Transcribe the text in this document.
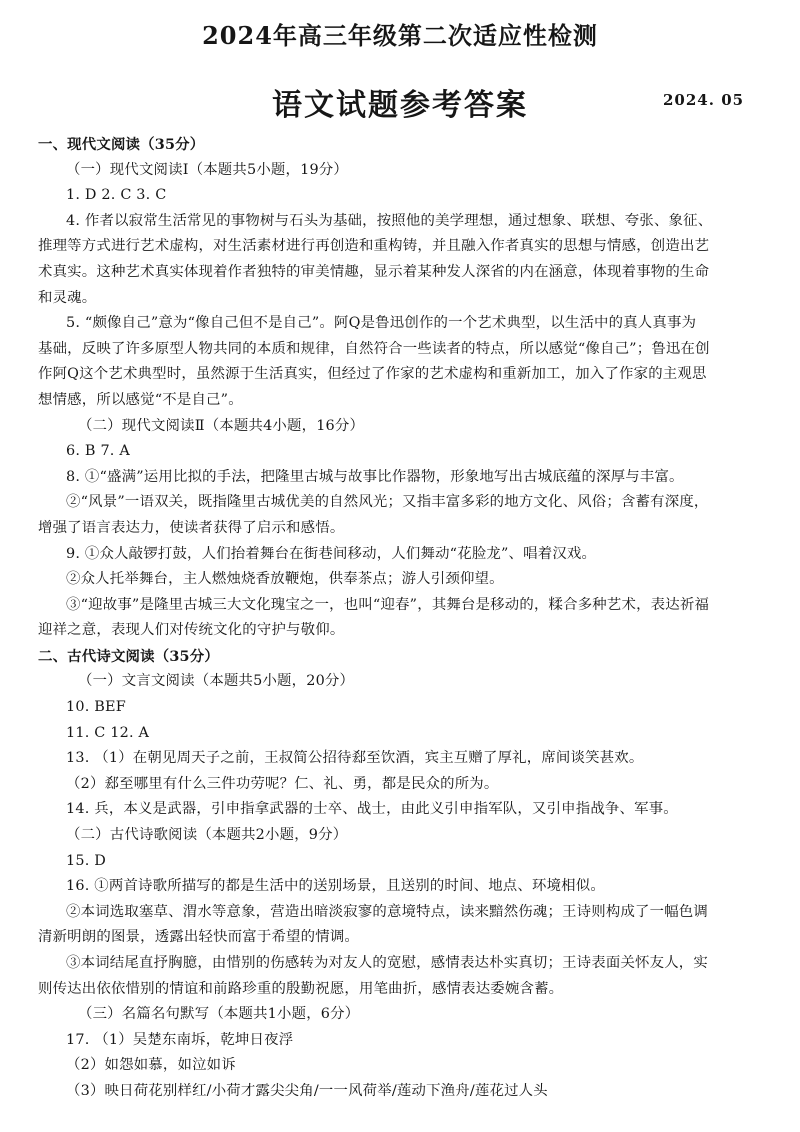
2024年高三年级第二次适应性检测
语文试题参考答案	2024. 05
一、现代文阅读（35分）
（一）现代文阅读Ⅰ（本题共5小题，19分）
1. D 2. C 3. C
4. 作者以寂常生活常见的事物树与石头为基础，按照他的美学理想，通过想象、联想、夸张、象征、
推理等方式进行艺术虚构，对生活素材进行再创造和重构铸，并且融入作者真实的思想与情感，创造出艺
术真实。这种艺术真实体现着作者独特的审美情趣，显示着某种发人深省的内在涵意，体现着事物的生命
和灵魂。
5. “颇像自己”意为“像自己但不是自己”。阿Q是鲁迅创作的一个艺术典型，以生活中的真人真事为
基础，反映了许多原型人物共同的本质和规律，自然符合一些读者的特点，所以感觉“像自己”；鲁迅在创
作阿Q这个艺术典型时，虽然源于生活真实，但经过了作家的艺术虚构和重新加工，加入了作家的主观思
想情感，所以感觉“不是自己”。
（二）现代文阅读Ⅱ（本题共4小题，16分）
6. B 7. A
8. ①“盛满”运用比拟的手法，把隆里古城与故事比作器物，形象地写出古城底蕴的深厚与丰富。
②“风景”一语双关，既指隆里古城优美的自然风光；又指丰富多彩的地方文化、风俗；含蓄有深度，
增强了语言表达力，使读者获得了启示和感悟。
9. ①众人敲锣打鼓，人们抬着舞台在街巷间移动，人们舞动“花脸龙”、唱着汉戏。
②众人托举舞台，主人燃烛烧香放鞭炮，供奉茶点；游人引颈仰望。
③“迎故事”是隆里古城三大文化瑰宝之一，也叫“迎春”，其舞台是移动的，糅合多种艺术，表达祈福
迎祥之意，表现人们对传统文化的守护与敬仰。
二、古代诗文阅读（35分）
（一）文言文阅读（本题共5小题，20分）
10. BEF
11. C 12. A
13. （1）在朝见周天子之前，王叔简公招待郄至饮酒，宾主互赠了厚礼，席间谈笑甚欢。
（2）郄至哪里有什么三件功劳呢？仁、礼、勇，都是民众的所为。
14. 兵，本义是武器，引申指拿武器的士卒、战士，由此义引申指军队，又引申指战争、军事。
（二）古代诗歌阅读（本题共2小题，9分）
15. D
16. ①两首诗歌所描写的都是生活中的送别场景，且送别的时间、地点、环境相似。
②本词选取塞草、渭水等意象，营造出暗淡寂寥的意境特点，读来黯然伤魂；王诗则构成了一幅色调
清新明朗的图景，透露出轻快而富于希望的情调。
③本词结尾直抒胸臆，由惜别的伤感转为对友人的宽慰，感情表达朴实真切；王诗表面关怀友人，实
则传达出依依惜别的情谊和前路珍重的殷勤祝愿，用笔曲折，感情表达委婉含蓄。
（三）名篇名句默写（本题共1小题，6分）
17. （1）吴楚东南坼，乾坤日夜浮
（2）如怨如慕，如泣如诉
（3）映日荷花别样红/小荷才露尖尖角/一一风荷举/莲动下渔舟/莲花过人头
